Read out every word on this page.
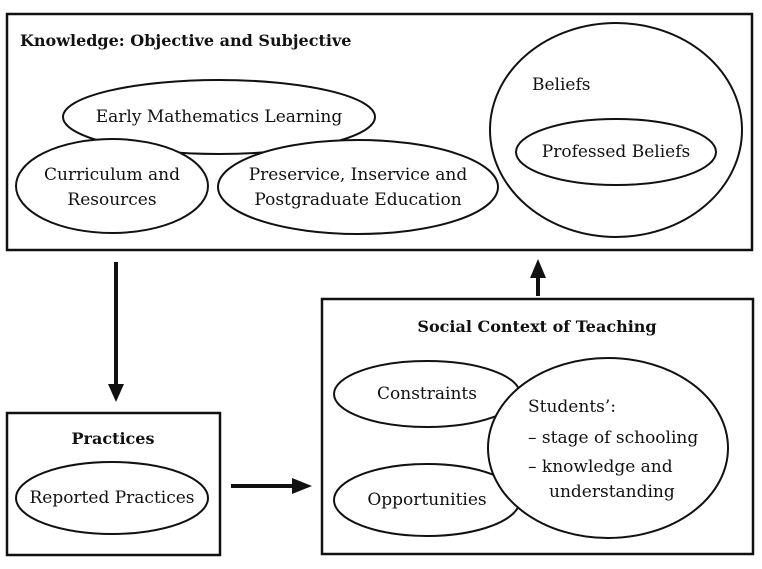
Knowledge: Objective and Subjective
Early Mathematics Learning
Curriculum and
Resources
Preservice, Inservice and
Postgraduate Education
Beliefs
Professed Beliefs
Practices
Reported Practices
Social Context of Teaching
Constraints
Opportunities
Students’:
– stage of schooling
– knowledge and
understanding
